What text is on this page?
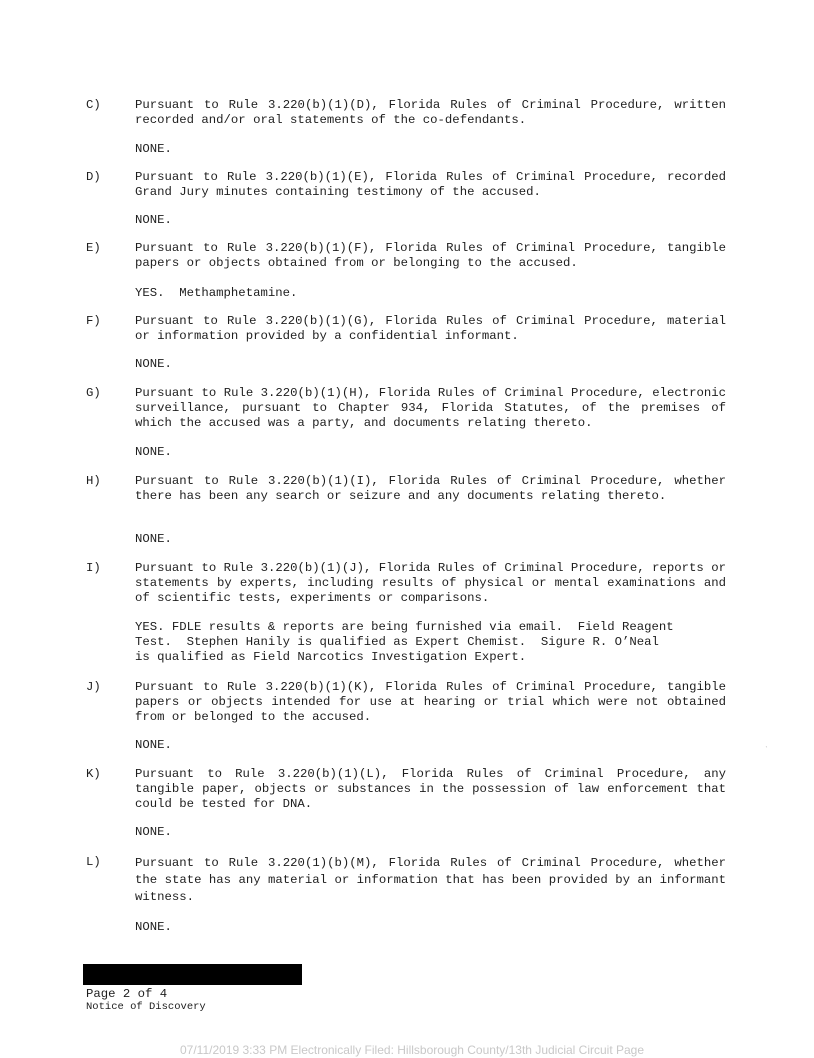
C)	Pursuant to Rule 3.220(b)(1)(D), Florida Rules of Criminal Procedure, written recorded and/or oral statements of the co-defendants.
NONE.
D)	Pursuant to Rule 3.220(b)(1)(E), Florida Rules of Criminal Procedure, recorded Grand Jury minutes containing testimony of the accused.
NONE.
E)	Pursuant to Rule 3.220(b)(1)(F), Florida Rules of Criminal Procedure, tangible papers or objects obtained from or belonging to the accused.
YES.  Methamphetamine.
F)	Pursuant to Rule 3.220(b)(1)(G), Florida Rules of Criminal Procedure, material or information provided by a confidential informant.
NONE.
G)	Pursuant to Rule 3.220(b)(1)(H), Florida Rules of Criminal Procedure, electronic surveillance, pursuant to Chapter 934, Florida Statutes, of the premises of which the accused was a party, and documents relating thereto.
NONE.
H)	Pursuant to Rule 3.220(b)(1)(I), Florida Rules of Criminal Procedure, whether there has been any search or seizure and any documents relating thereto.
NONE.
I)	Pursuant to Rule 3.220(b)(1)(J), Florida Rules of Criminal Procedure, reports or statements by experts, including results of physical or mental examinations and of scientific tests, experiments or comparisons.
YES. FDLE results & reports are being furnished via email.  Field Reagent
Test.  Stephen Hanily is qualified as Expert Chemist.  Sigure R. O’Neal
is qualified as Field Narcotics Investigation Expert.
J)	Pursuant to Rule 3.220(b)(1)(K), Florida Rules of Criminal Procedure, tangible papers or objects intended for use at hearing or trial which were not obtained from or belonged to the accused.
NONE.
K)	Pursuant to Rule 3.220(b)(1)(L), Florida Rules of Criminal Procedure, any tangible paper, objects or substances in the possession of law enforcement that could be tested for DNA.
NONE.
L)	Pursuant to Rule 3.220(1)(b)(M), Florida Rules of Criminal Procedure, whether the state has any material or information that has been provided by an informant witness.
NONE.
Page 2 of 4
Notice of Discovery
07/11/2019 3:33 PM Electronically Filed: Hillsborough County/13th Judicial Circuit Page
ˎ
